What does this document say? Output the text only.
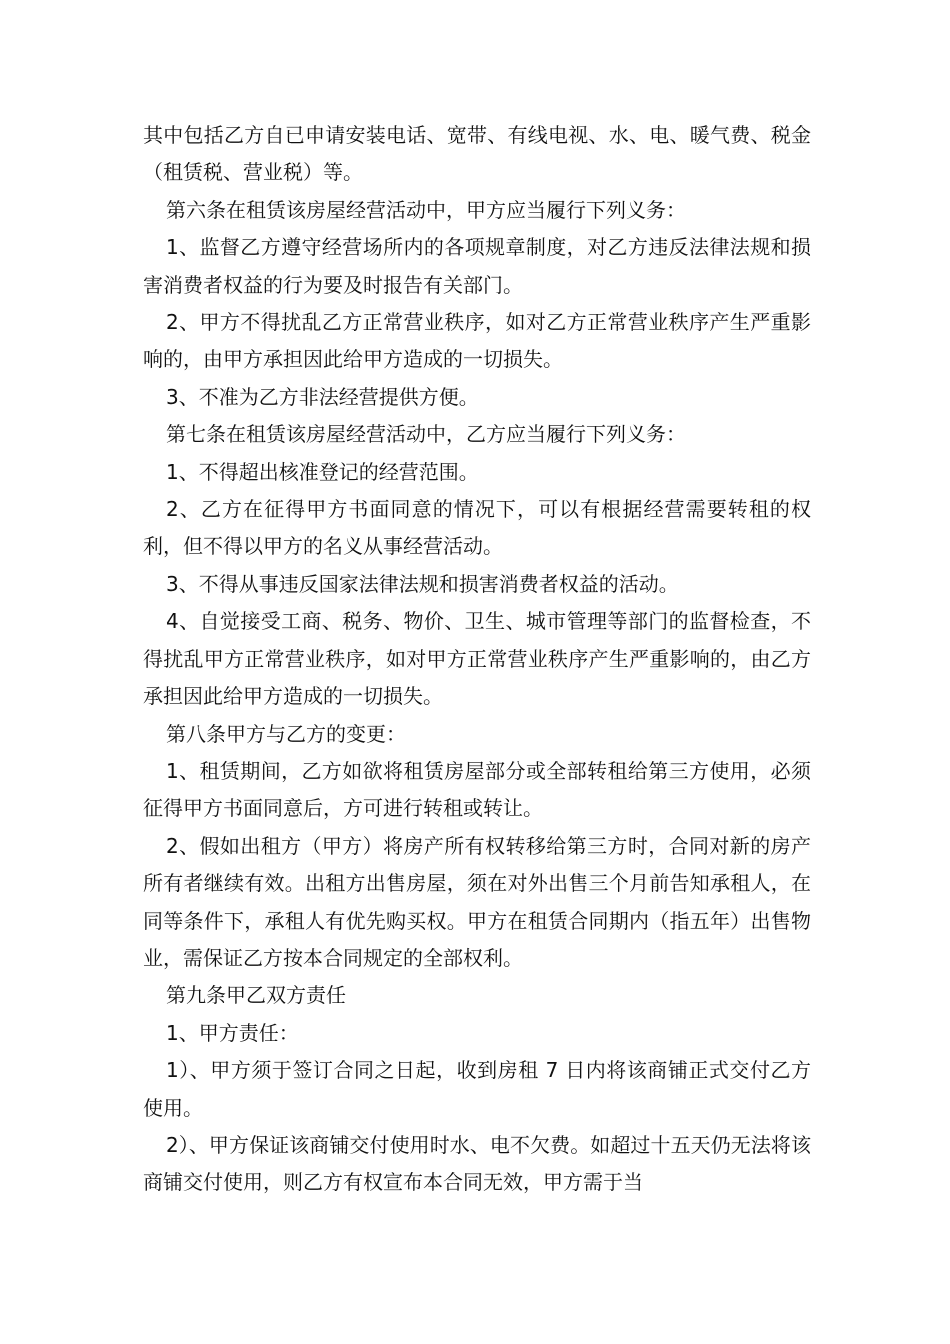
其中包括乙方自已申请安装电话、宽带、有线电视、水、电、暖气费、税金（租赁税、营业税）等。

第六条在租赁该房屋经营活动中，甲方应当履行下列义务：

1、监督乙方遵守经营场所内的各项规章制度，对乙方违反法律法规和损害消费者权益的行为要及时报告有关部门。

2、甲方不得扰乱乙方正常营业秩序，如对乙方正常营业秩序产生严重影响的，由甲方承担因此给甲方造成的一切损失。

3、不准为乙方非法经营提供方便。

第七条在租赁该房屋经营活动中，乙方应当履行下列义务：

1、不得超出核准登记的经营范围。

2、乙方在征得甲方书面同意的情况下，可以有根据经营需要转租的权利，但不得以甲方的名义从事经营活动。

3、不得从事违反国家法律法规和损害消费者权益的活动。

4、自觉接受工商、税务、物价、卫生、城市管理等部门的监督检查，不得扰乱甲方正常营业秩序，如对甲方正常营业秩序产生严重影响的，由乙方承担因此给甲方造成的一切损失。

第八条甲方与乙方的变更：

1、租赁期间，乙方如欲将租赁房屋部分或全部转租给第三方使用，必须征得甲方书面同意后，方可进行转租或转让。

2、假如出租方（甲方）将房产所有权转移给第三方时，合同对新的房产所有者继续有效。出租方出售房屋，须在对外出售三个月前告知承租人，在同等条件下，承租人有优先购买权。甲方在租赁合同期内（指五年）出售物业，需保证乙方按本合同规定的全部权利。

第九条甲乙双方责任

1、甲方责任：

1）、甲方须于签订合同之日起，收到房租 7 日内将该商铺正式交付乙方使用。

2）、甲方保证该商铺交付使用时水、电不欠费。如超过十五天仍无法将该商铺交付使用，则乙方有权宣布本合同无效，甲方需于当
